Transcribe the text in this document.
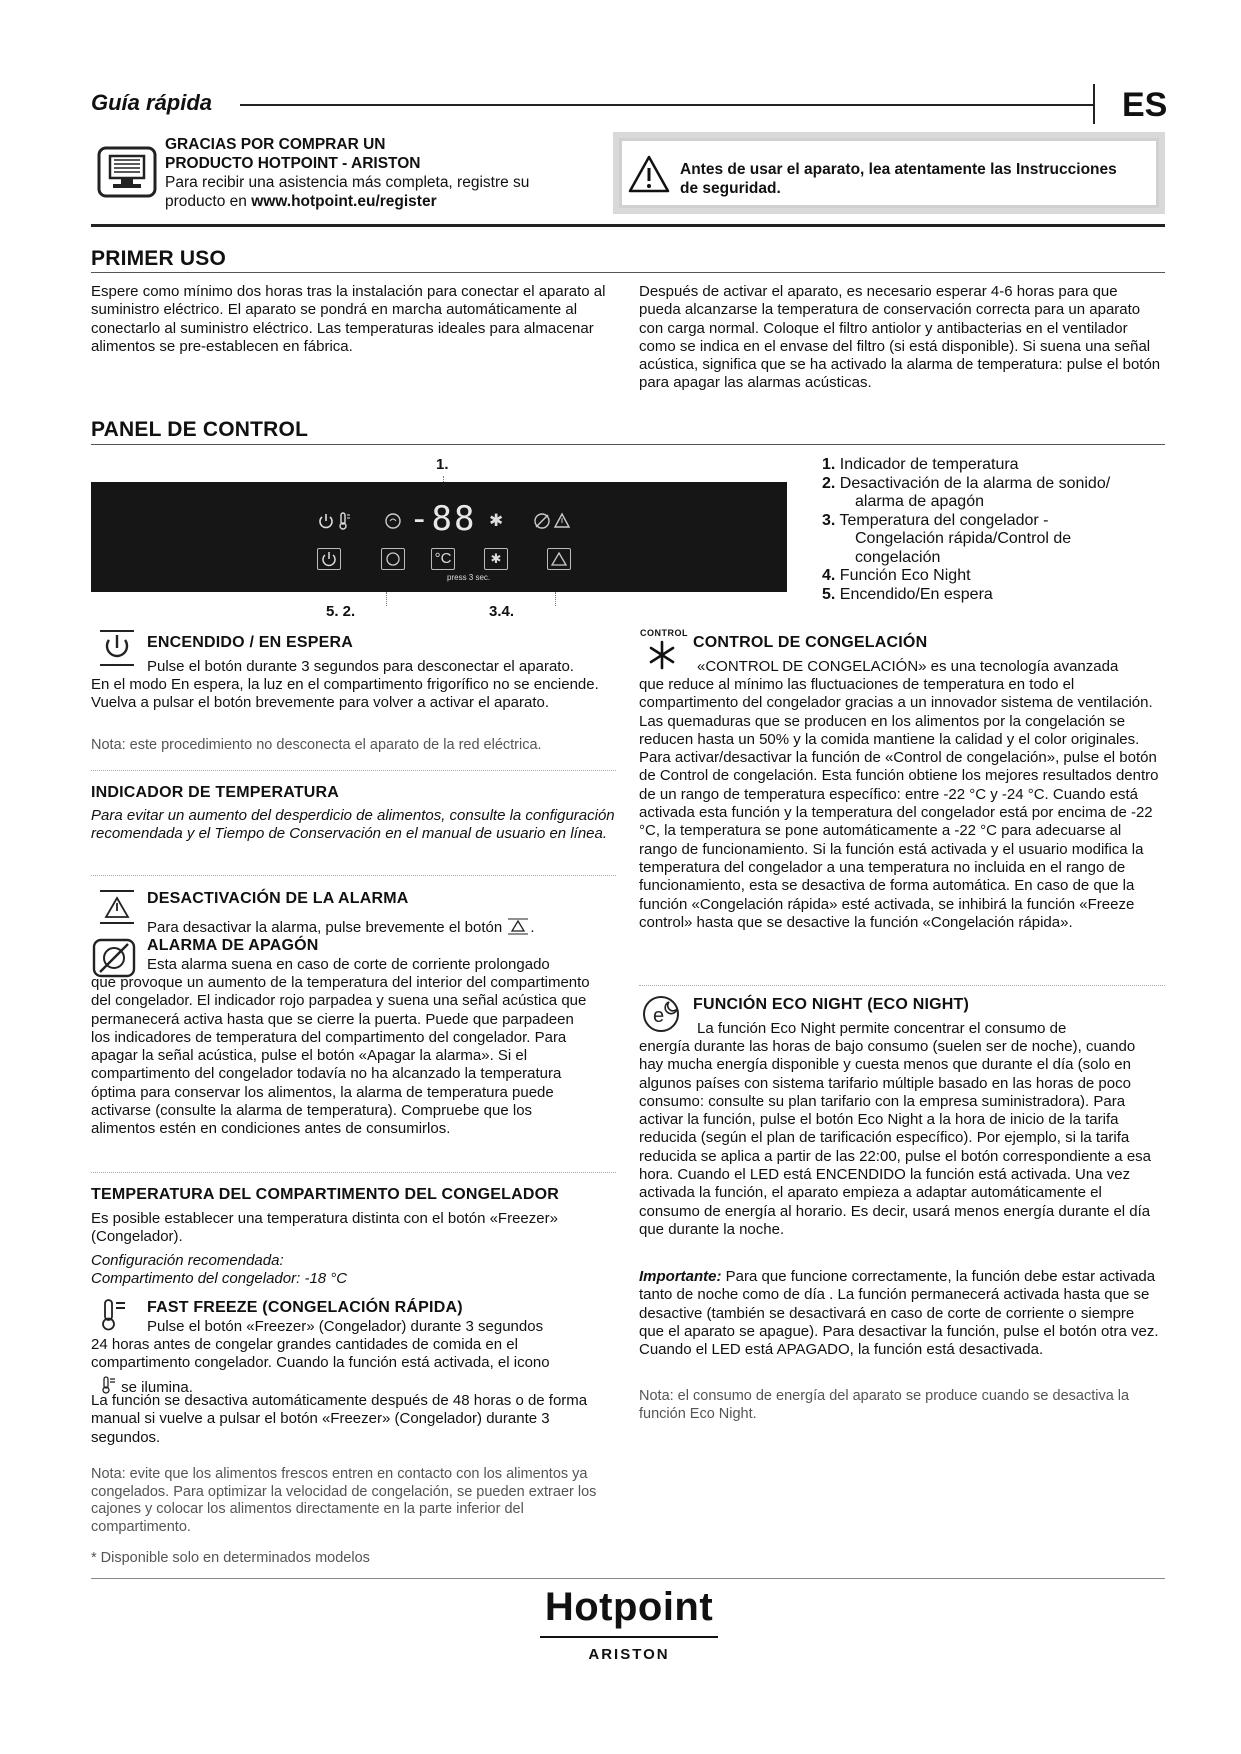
Guía rápida	ES
GRACIAS POR COMPRAR UN
PRODUCTO HOTPOINT - ARISTON
Para recibir una asistencia más completa, registre su
producto en www.hotpoint.eu/register
Antes de usar el aparato, lea atentamente las Instrucciones
de seguridad.
PRIMER USO

Espere como mínimo dos horas tras la instalación para conectar el aparato al suministro eléctrico. El aparato se pondrá en marcha automáticamente al conectarlo al suministro eléctrico. Las temperaturas ideales para almacenar alimentos se pre-establecen en fábrica.

Después de activar el aparato, es necesario esperar 4-6 horas para que pueda alcanzarse la temperatura de conservación correcta para un aparato con carga normal. Coloque el filtro antiolor y antibacterias en el ventilador como se indica en el envase del filtro (si está disponible). Si suena una señal acústica, significa que se ha activado la alarma de temperatura: pulse el botón para apagar las alarmas acústicas.

PANEL DE CONTROL
1.
-88 ✱
°C	✱
press 3 sec.
5. 2.	3.4.
1. Indicador de temperatura
2. Desactivación de la alarma de sonido/
alarma de apagón
3. Temperatura del congelador -
Congelación rápida/Control de
congelación
4. Función Eco Night
5. Encendido/En espera
ENCENDIDO / EN ESPERA

Pulse el botón durante 3 segundos para desconectar el aparato.

En el modo En espera, la luz en el compartimento frigorífico no se enciende. Vuelva a pulsar el botón brevemente para volver a activar el aparato.

Nota: este procedimiento no desconecta el aparato de la red eléctrica.

INDICADOR DE TEMPERATURA

Para evitar un aumento del desperdicio de alimentos, consulte la configuración recomendada y el Tiempo de Conservación en el manual de usuario en línea.

DESACTIVACIÓN DE LA ALARMA
Para desactivar la alarma, pulse brevemente el botón .
ALARMA DE APAGÓN

Esta alarma suena en caso de corte de corriente prolongado

que provoque un aumento de la temperatura del interior del compartimento del congelador. El indicador rojo parpadea y suena una señal acústica que permanecerá activa hasta que se cierre la puerta. Puede que parpadeen los indicadores de temperatura del compartimento del congelador. Para apagar la señal acústica, pulse el botón «Apagar la alarma». Si el compartimento del congelador todavía no ha alcanzado la temperatura óptima para conservar los alimentos, la alarma de temperatura puede activarse (consulte la alarma de temperatura). Compruebe que los alimentos estén en condiciones antes de consumirlos.

TEMPERATURA DEL COMPARTIMENTO DEL CONGELADOR

Es posible establecer una temperatura distinta con el botón «Freezer» (Congelador).

Configuración recomendada:
Compartimento del congelador: -18 °C
FAST FREEZE (CONGELACIÓN RÁPIDA)

Pulse el botón «Freezer» (Congelador) durante 3 segundos

24 horas antes de congelar grandes cantidades de comida en el compartimento congelador. Cuando la función está activada, el icono

se ilumina.

La función se desactiva automáticamente después de 48 horas o de forma manual si vuelve a pulsar el botón «Freezer» (Congelador) durante 3 segundos.

Nota: evite que los alimentos frescos entren en contacto con los alimentos ya congelados. Para optimizar la velocidad de congelación, se pueden extraer los cajones y colocar los alimentos directamente en la parte inferior del compartimento.

CONTROL
CONTROL DE CONGELACIÓN

«CONTROL DE CONGELACIÓN» es una tecnología avanzada

que reduce al mínimo las fluctuaciones de temperatura en todo el compartimento del congelador gracias a un innovador sistema de ventilación. Las quemaduras que se producen en los alimentos por la congelación se reducen hasta un 50% y la comida mantiene la calidad y el color originales. Para activar/desactivar la función de «Control de congelación», pulse el botón de Control de congelación. Esta función obtiene los mejores resultados dentro de un rango de temperatura específico: entre -22 °C y -24 °C. Cuando está activada esta función y la temperatura del congelador está por encima de -22 °C, la temperatura se pone automáticamente a -22 °C para adecuarse al rango de funcionamiento. Si la función está activada y el usuario modifica la temperatura del congelador a una temperatura no incluida en el rango de funcionamiento, esta se desactiva de forma automática. En caso de que la función «Congelación rápida» esté activada, se inhibirá la función «Freeze control» hasta que se desactive la función «Congelación rápida».

e
FUNCIÓN ECO NIGHT (ECO NIGHT)

La función Eco Night permite concentrar el consumo de

energía durante las horas de bajo consumo (suelen ser de noche), cuando hay mucha energía disponible y cuesta menos que durante el día (solo en algunos países con sistema tarifario múltiple basado en las horas de poco consumo: consulte su plan tarifario con la empresa suministradora). Para activar la función, pulse el botón Eco Night a la hora de inicio de la tarifa reducida (según el plan de tarificación específico). Por ejemplo, si la tarifa reducida se aplica a partir de las 22:00, pulse el botón correspondiente a esa hora. Cuando el LED está ENCENDIDO la función está activada. Una vez activada la función, el aparato empieza a adaptar automáticamente el consumo de energía al horario. Es decir, usará menos energía durante el día que durante la noche.

Importante: Para que funcione correctamente, la función debe estar activada tanto de noche como de día . La función permanecerá activada hasta que se desactive (también se desactivará en caso de corte de corriente o siempre que el aparato se apague). Para desactivar la función, pulse el botón otra vez. Cuando el LED está APAGADO, la función está desactivada.

Nota: el consumo de energía del aparato se produce cuando se desactiva la función Eco Night.

* Disponible solo en determinados modelos
Hotpoint
ARISTON
